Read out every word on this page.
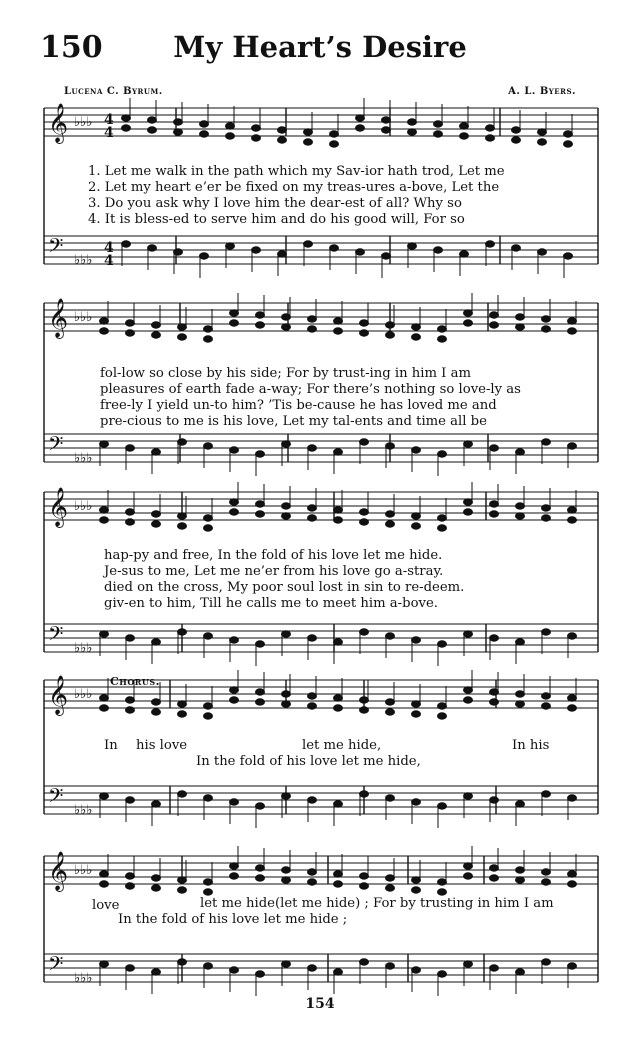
150	My Heart’s Desire
Lucena C. Byrum.	A. L. Byers.
𝄞 ♭♭♭ 4
4
𝄢 ♭♭♭
4
4
𝄞 ♭♭♭
𝄢 ♭♭♭
𝄞 ♭♭♭
𝄢 ♭♭♭
𝄞 ♭♭♭
𝄢 ♭♭♭
𝄞 ♭♭♭
𝄢 ♭♭♭
1. Let me walk in the path which my Sav-ior hath trod, Let me
2. Let my heart e’er be fixed on my treas-ures a-bove, Let the
3. Do you ask why I love him the dear-est of all? Why so
4. It is bless-ed to serve him and do his good will, For so
fol-low so close by his side; For by trust-ing in him I am
pleasures of earth fade a-way; For there’s nothing so love-ly as
free-ly I yield un-to him? ’Tis be-cause he has loved me and
pre-cious to me is his love, Let my tal-ents and time all be
hap-py and free, In the fold of his love let me hide.
Je-sus to me, Let me ne’er from his love go a-stray.
died on the cross, My poor soul lost in sin to re-deem.
giv-en to him, Till he calls me to meet him a-bove.
Chorus.
In his love	let me hide,	In his
In the fold of his love let me hide,
love	let me hide(let me hide) ; For by trusting in him I am
In the fold of his love let me hide ;
154
